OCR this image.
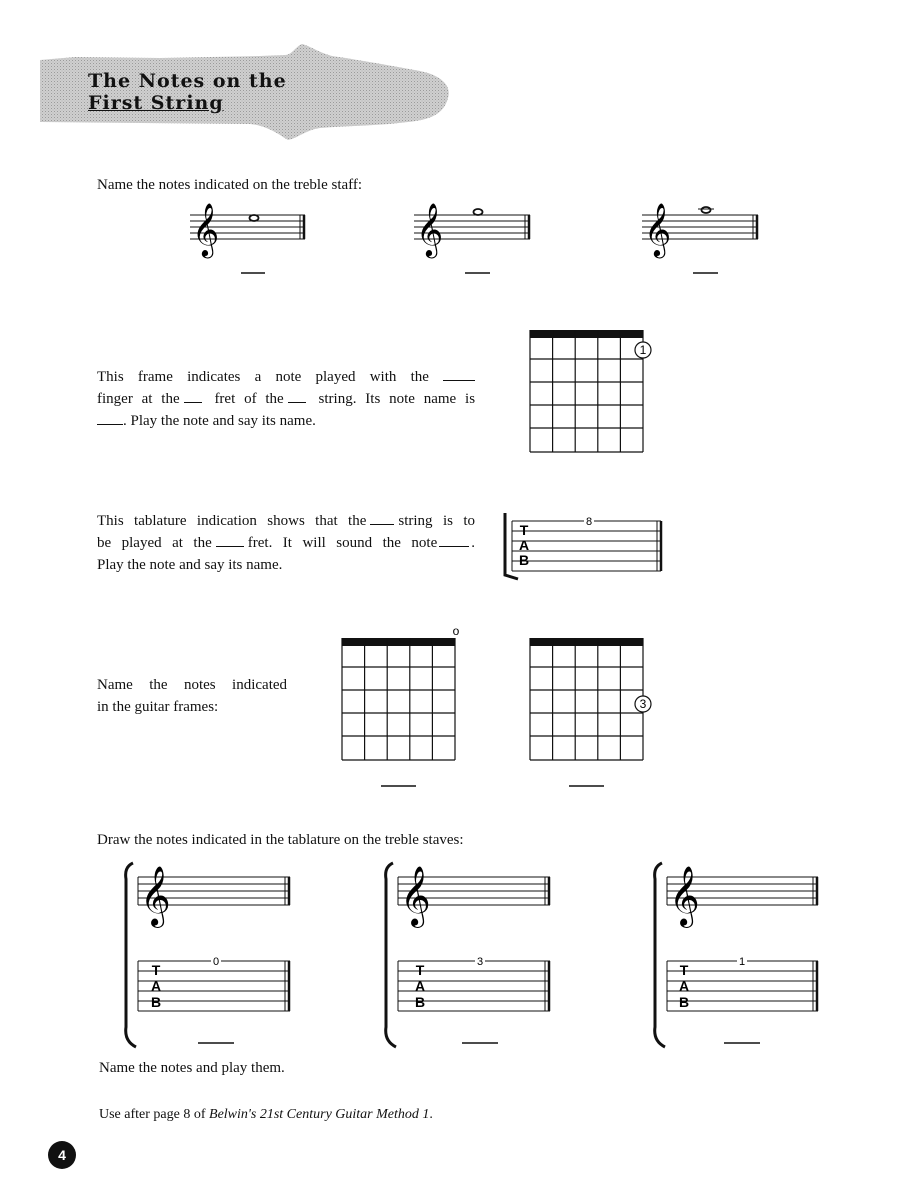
The Notes on the
First String
Name the notes indicated on the treble staff:
𝄞	𝄞	𝄞
This frame indicates a note played with the
finger at the fret of the string. Its note name is
. Play the note and say its name.
1
This tablature indication shows that the string is to
be played at the fret. It will sound the note .
Play the note and say its name.
T
A
B
8
Name the notes indicated
in the guitar frames:
o
3
Draw the notes indicated in the tablature on the treble staves:
𝄞
T
A
B
0
𝄞
T
A
B
3
𝄞
T
A
B
1
Name the notes and play them.
Use after page 8 of Belwin's 21st Century Guitar Method 1.
4
